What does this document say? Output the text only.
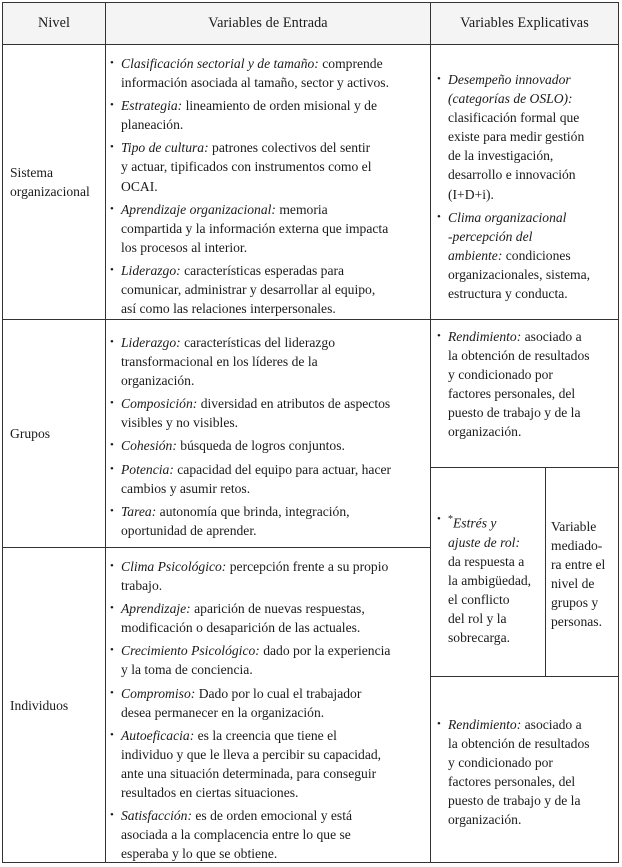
Nivel	Variables de Entrada	Variables Explicativas
Sistema
organizacional
• Clasificación sectorial y de tamaño: comprende
información asociada al tamaño, sector y activos.
• Estrategia: lineamiento de orden misional y de
planeación.
• Tipo de cultura: patrones colectivos del sentir
y actuar, tipificados con instrumentos como el
OCAI.
• Aprendizaje organizacional: memoria
compartida y la información externa que impacta
los procesos al interior.
• Liderazgo: características esperadas para
comunicar, administrar y desarrollar al equipo,
así como las relaciones interpersonales.
• Desempeño innovador
(categorías de OSLO):
clasificación formal que
existe para medir gestión
de la investigación,
desarrollo e innovación
(I+D+i).
• Clima organizacional
-percepción del
ambiente: condiciones
organizacionales, sistema,
estructura y conducta.
Grupos
• Liderazgo: características del liderazgo
transformacional en los líderes de la
organización.
• Composición: diversidad en atributos de aspectos
visibles y no visibles.
• Cohesión: búsqueda de logros conjuntos.
• Potencia: capacidad del equipo para actuar, hacer
cambios y asumir retos.
• Tarea: autonomía que brinda, integración,
oportunidad de aprender.
• Rendimiento: asociado a
la obtención de resultados
y condicionado por
factores personales, del
puesto de trabajo y de la
organización.
• *Estrés y
ajuste de rol:
da respuesta a
la ambigüedad,
el conflicto
del rol y la
sobrecarga.
Variable
mediado-
ra entre el
nivel de
grupos y
personas.
Individuos
• Clima Psicológico: percepción frente a su propio
trabajo.
• Aprendizaje: aparición de nuevas respuestas,
modificación o desaparición de las actuales.
• Crecimiento Psicológico: dado por la experiencia
y la toma de conciencia.
• Compromiso: Dado por lo cual el trabajador
desea permanecer en la organización.
• Autoeficacia: es la creencia que tiene el
individuo y que le lleva a percibir su capacidad,
ante una situación determinada, para conseguir
resultados en ciertas situaciones.
• Satisfacción: es de orden emocional y está
asociada a la complacencia entre lo que se
esperaba y lo que se obtiene.
• Rendimiento: asociado a
la obtención de resultados
y condicionado por
factores personales, del
puesto de trabajo y de la
organización.
